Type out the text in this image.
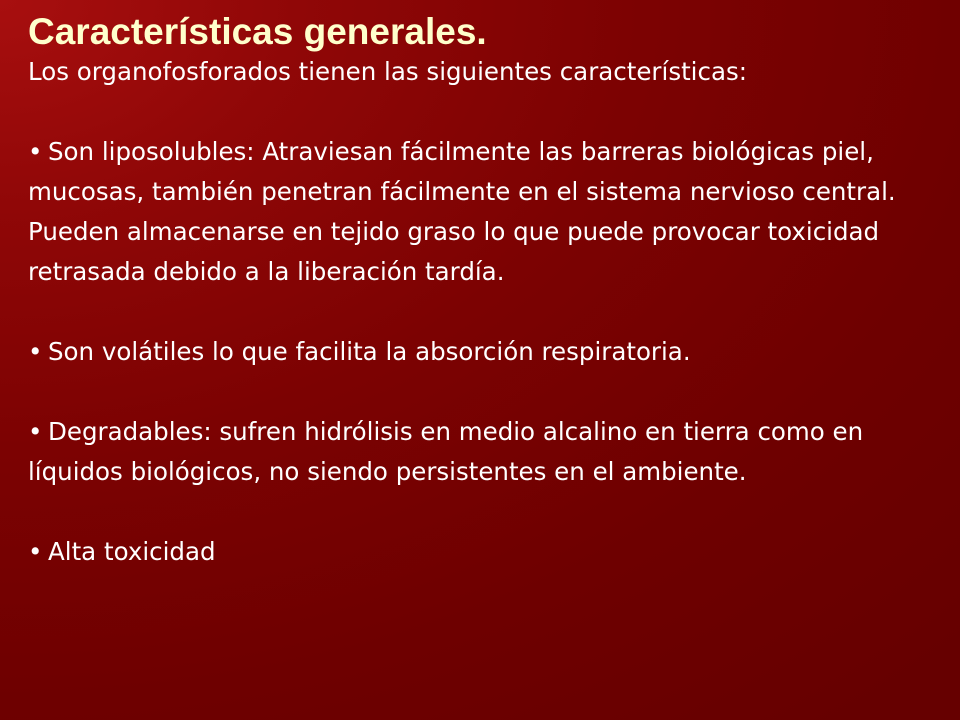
Características generales.

Los organofosforados tienen las siguientes características:

• Son liposolubles: Atraviesan fácilmente las barreras biológicas piel, mucosas, también penetran fácilmente en el sistema nervioso central. Pueden almacenarse en tejido graso lo que puede provocar toxicidad retrasada debido a la liberación tardía.
• Son volátiles lo que facilita la absorción respiratoria.
• Degradables: sufren hidrólisis en medio alcalino en tierra como en líquidos biológicos, no siendo persistentes en el ambiente.
• Alta toxicidad
